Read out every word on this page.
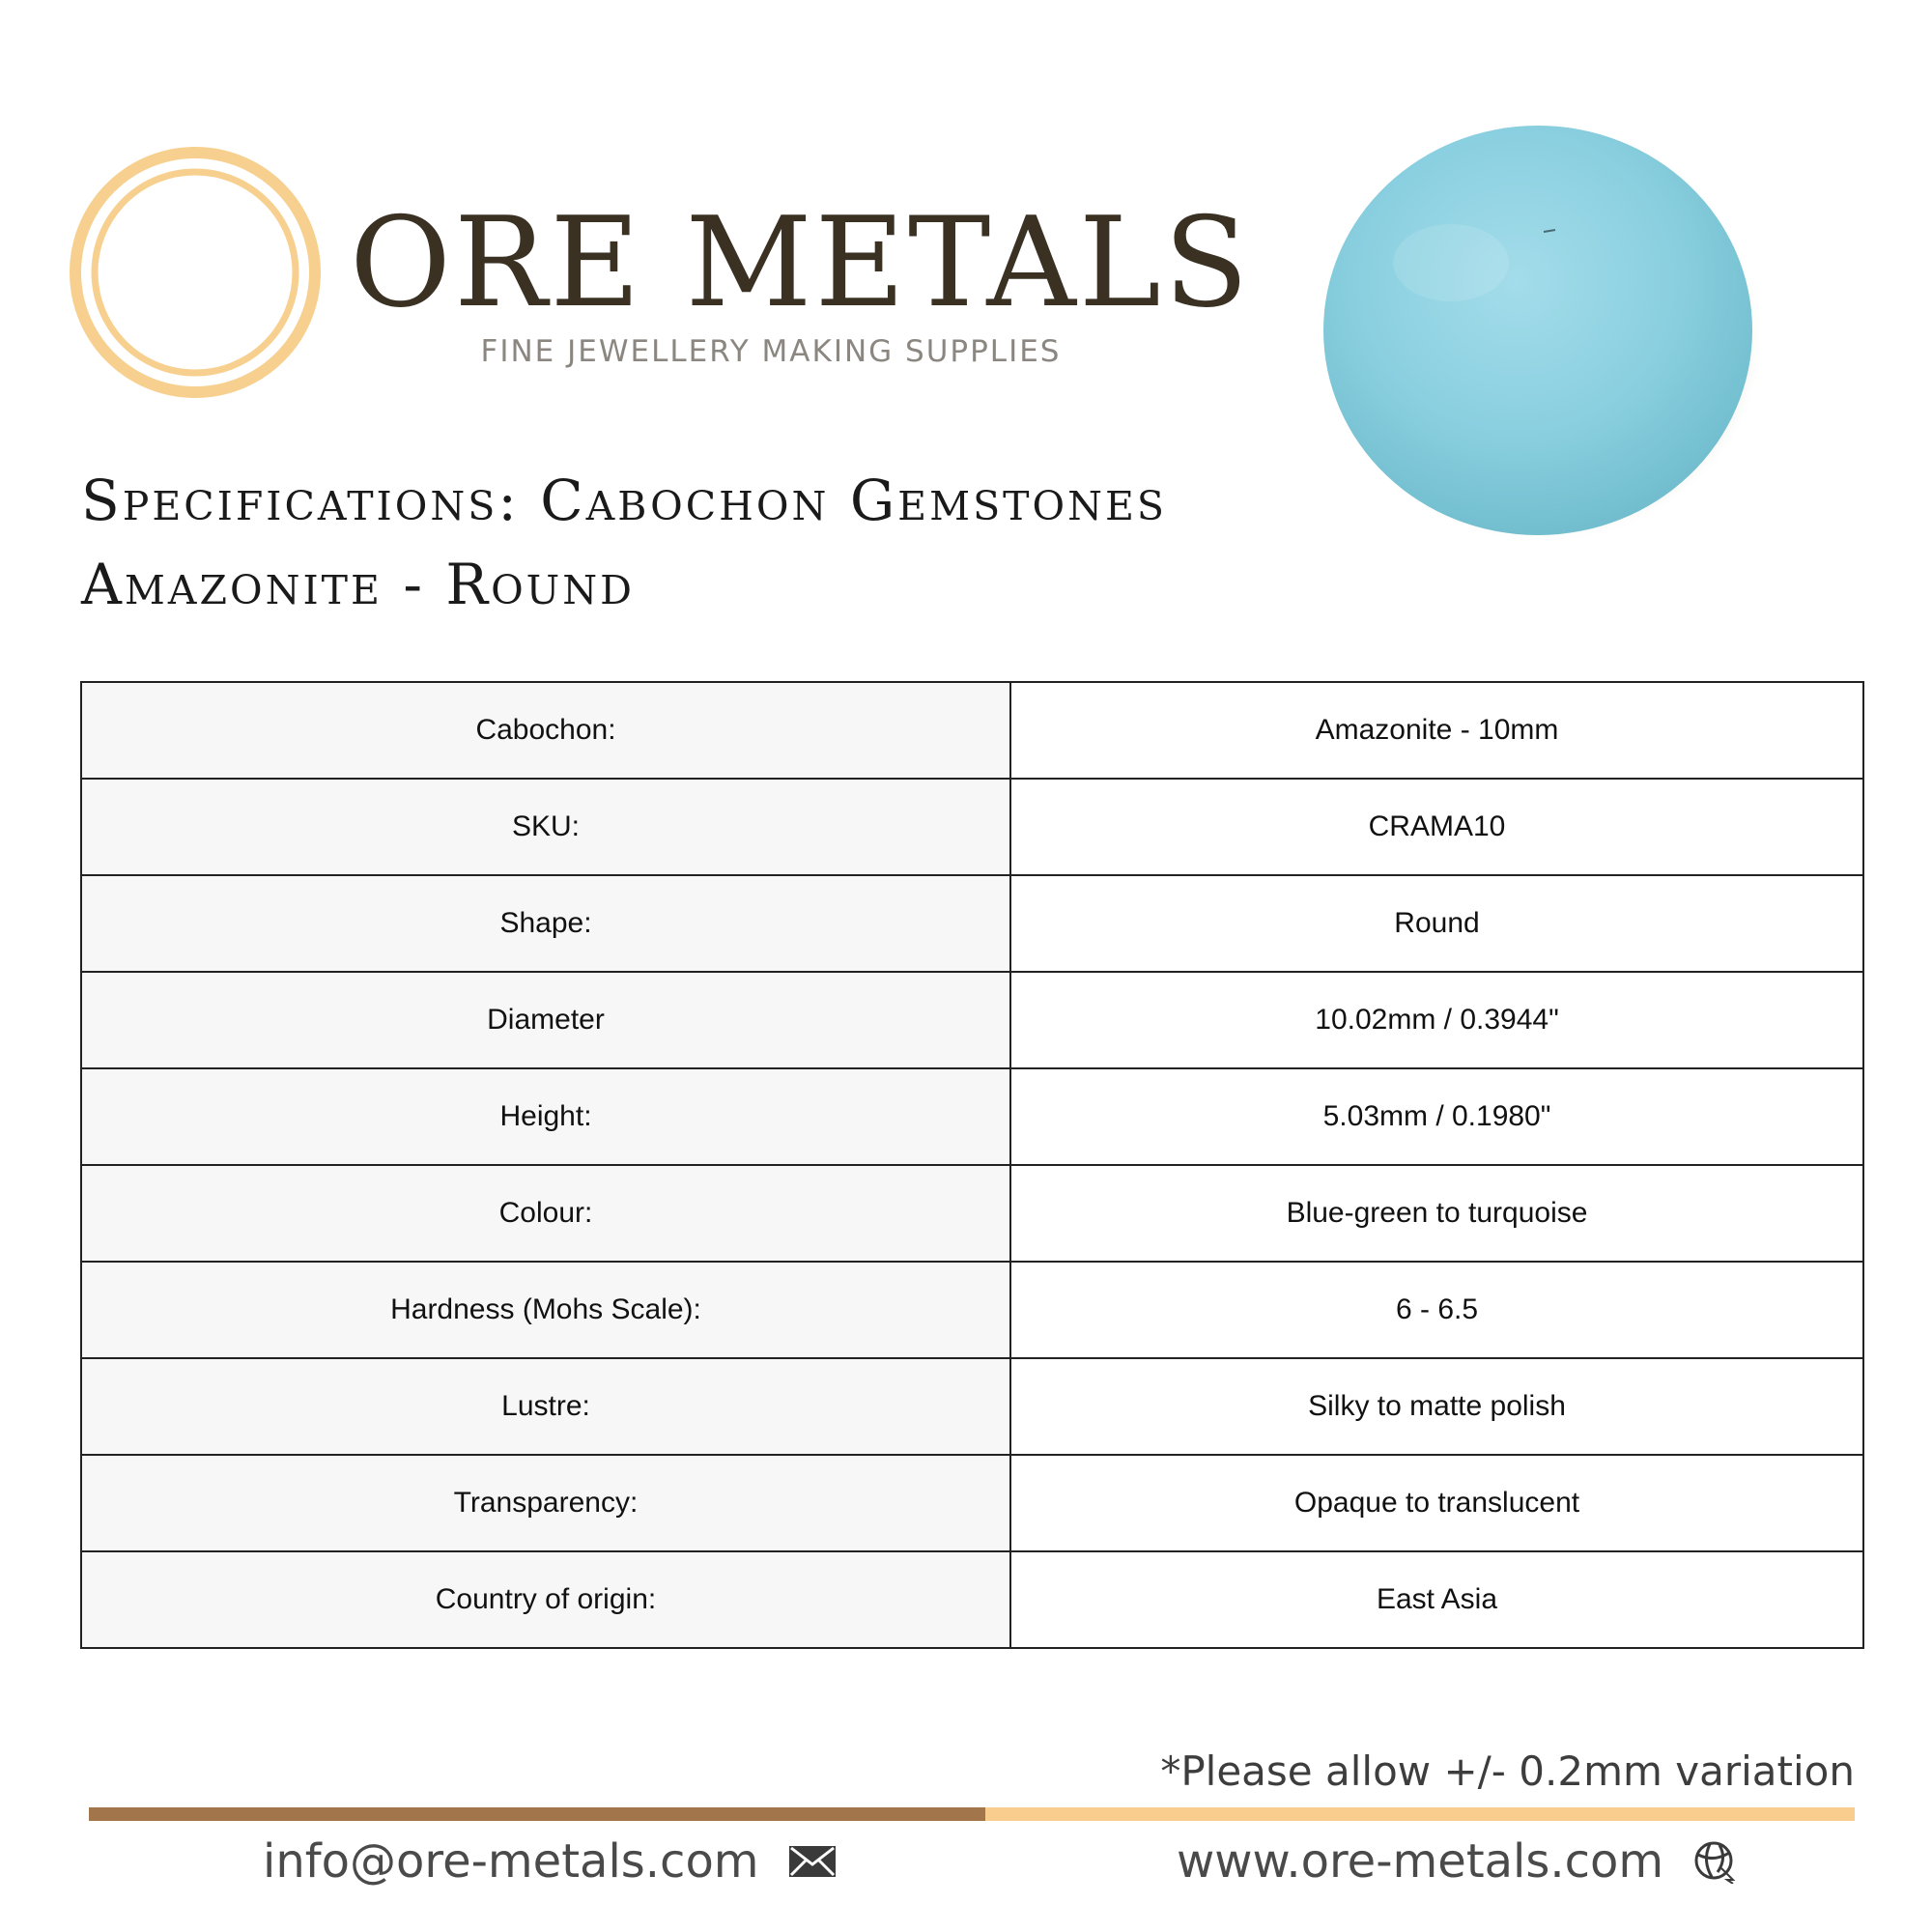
ORE METALS
FINE JEWELLERY MAKING SUPPLIES
Specifications: Cabochon Gemstones
Amazonite - Round
Cabochon:	Amazonite - 10mm
SKU:	CRAMA10
Shape:	Round
Diameter	10.02mm / 0.3944"
Height:	5.03mm / 0.1980"
Colour:	Blue-green to turquoise
Hardness (Mohs Scale):	6 - 6.5
Lustre:	Silky to matte polish
Transparency:	Opaque to translucent
Country of origin:	East Asia
*Please allow +/- 0.2mm variation
info@ore-metals.com	www.ore-metals.com
